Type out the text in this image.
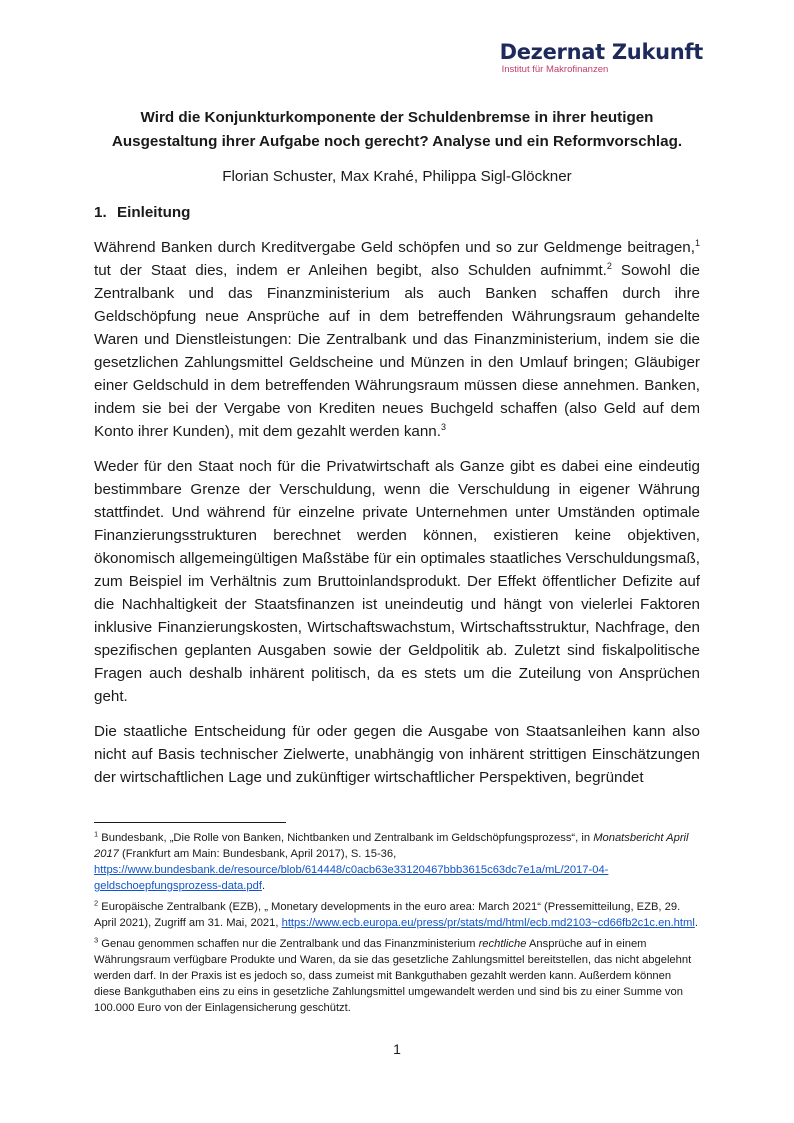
Dezernat Zukunft
Institut für Makrofinanzen
Wird die Konjunkturkomponente der Schuldenbremse in ihrer heutigen
Ausgestaltung ihrer Aufgabe noch gerecht? Analyse und ein Reformvorschlag.
Florian Schuster, Max Krahé, Philippa Sigl-Glöckner
1. Einleitung

Während Banken durch Kreditvergabe Geld schöpfen und so zur Geldmenge beitragen,$^1$ tut der Staat dies, indem er Anleihen begibt, also Schulden aufnimmt.$^2$ Sowohl die Zentralbank und das Finanzministerium als auch Banken schaffen durch ihre Geldschöpfung neue Ansprüche auf in dem betreffenden Währungsraum gehandelte Waren und Dienstleistungen: Die Zentralbank und das Finanzministerium, indem sie die gesetzlichen Zahlungsmittel Geldscheine und Münzen in den Umlauf bringen; Gläubiger einer Geldschuld in dem betreffenden Währungsraum müssen diese annehmen. Banken, indem sie bei der Vergabe von Krediten neues Buchgeld schaffen (also Geld auf dem Konto ihrer Kunden), mit dem gezahlt werden kann.$^3$

Weder für den Staat noch für die Privatwirtschaft als Ganze gibt es dabei eine eindeutig bestimmbare Grenze der Verschuldung, wenn die Verschuldung in eigener Währung stattfindet. Und während für einzelne private Unternehmen unter Umständen optimale Finanzierungsstrukturen berechnet werden können, existieren keine objektiven, ökonomisch allgemeingültigen Maßstäbe für ein optimales staatliches Verschuldungsmaß, zum Beispiel im Verhältnis zum Bruttoinlandsprodukt. Der Effekt öffentlicher Defizite auf die Nachhaltigkeit der Staatsfinanzen ist uneindeutig und hängt von vielerlei Faktoren inklusive Finanzierungskosten, Wirtschaftswachstum, Wirtschaftsstruktur, Nachfrage, den spezifischen geplanten Ausgaben sowie der Geldpolitik ab. Zuletzt sind fiskalpolitische Fragen auch deshalb inhärent politisch, da es stets um die Zuteilung von Ansprüchen geht.

Die staatliche Entscheidung für oder gegen die Ausgabe von Staatsanleihen kann also nicht auf Basis technischer Zielwerte, unabhängig von inhärent strittigen Einschätzungen der wirtschaftlichen Lage und zukünftiger wirtschaftlicher Perspektiven, begründet

$^1$ Bundesbank, „Die Rolle von Banken, Nichtbanken und Zentralbank im Geldschöpfungsprozess“, in Monatsbericht April 2017 (Frankfurt am Main: Bundesbank, April 2017), S. 15-36,
https://www.bundesbank.de/resource/blob/614448/c0acb63e33120467bbb3615c63dc7e1a/mL/2017-04-
geldschoepfungsprozess-data.pdf.
$^2$ Europäische Zentralbank (EZB), „ Monetary developments in the euro area: March 2021“ (Pressemitteilung, EZB, 29. April 2021), Zugriff am 31. Mai, 2021, https://www.ecb.europa.eu/press/pr/stats/md/html/ecb.md2103~cd66fb2c1c.en.html.
$^3$ Genau genommen schaffen nur die Zentralbank und das Finanzministerium rechtliche Ansprüche auf in einem Währungsraum verfügbare Produkte und Waren, da sie das gesetzliche Zahlungsmittel bereitstellen, das nicht abgelehnt werden darf. In der Praxis ist es jedoch so, dass zumeist mit Bankguthaben gezahlt werden kann. Außerdem können diese Bankguthaben eins zu eins in gesetzliche Zahlungsmittel umgewandelt werden und sind bis zu einer Summe von 100.000 Euro von der Einlagensicherung geschützt.
1
